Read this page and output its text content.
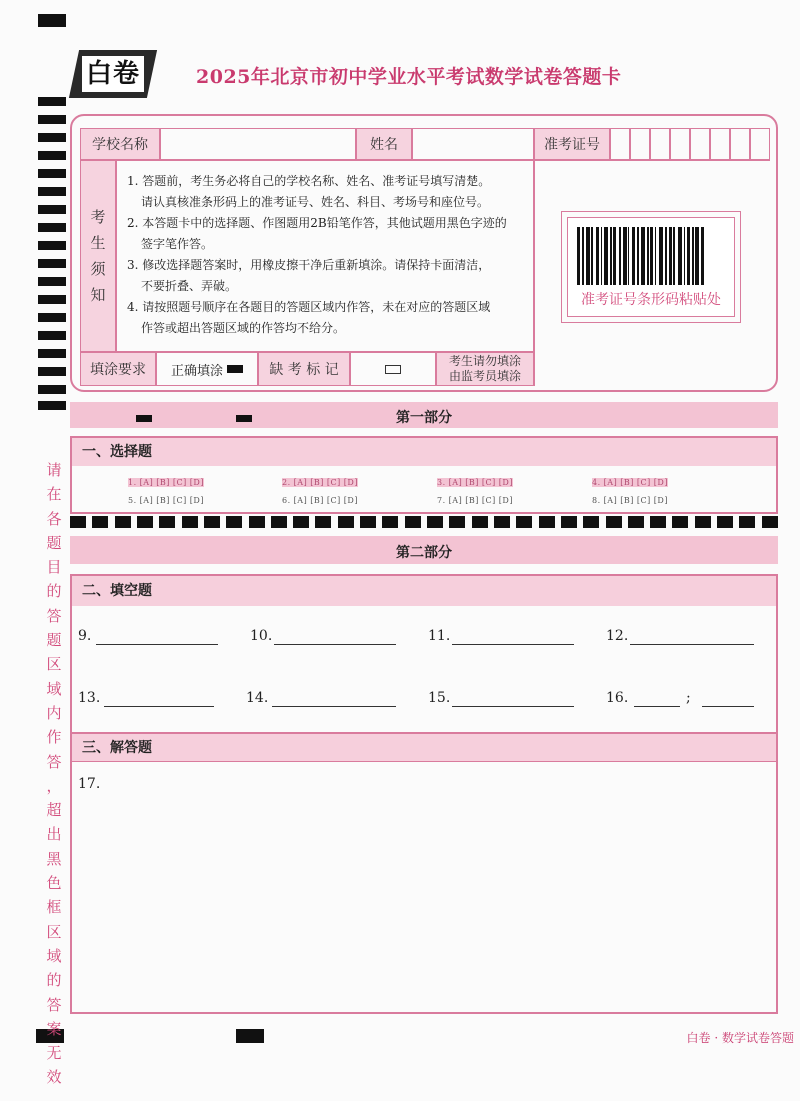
白卷	2025年北京市初中学业水平考试数学试卷答题卡
学校名称	姓名	准考证号
考
生
须
知
1. 答题前，考生务必将自己的学校名称、姓名、准考证号填写清楚。
请认真核准条形码上的准考证号、姓名、科目、考场号和座位号。
2. 本答题卡中的选择题、作图题用2B铅笔作答，其他试题用黑色字迹的
签字笔作答。
3. 修改选择题答案时，用橡皮擦干净后重新填涂。请保持卡面清洁，
不要折叠、弄破。
4. 请按照题号顺序在各题目的答题区域内作答，未在对应的答题区域
作答或超出答题区域的作答均不给分。
准考证号条形码粘贴处
填涂要求	正确填涂	缺 考 标 记
考生请勿填涂
由监考员填涂
第一部分
一、选择题
1. [A] [B] [C] [D]	2. [A] [B] [C] [D]	3. [A] [B] [C] [D]	4. [A] [B] [C] [D]
5. [A] [B] [C] [D]	6. [A] [B] [C] [D]	7. [A] [B] [C] [D]	8. [A] [B] [C] [D]
第二部分
二、填空题
9.	10.	11.	12.
13.	14.	15.	16.	;
三、解答题
17.
请
在
各
题
目
的
答
题
区
域
内
作
答
，
超
出
黑
色
框
区
域
的
答
案
无
效
白卷 · 数学试卷答题
